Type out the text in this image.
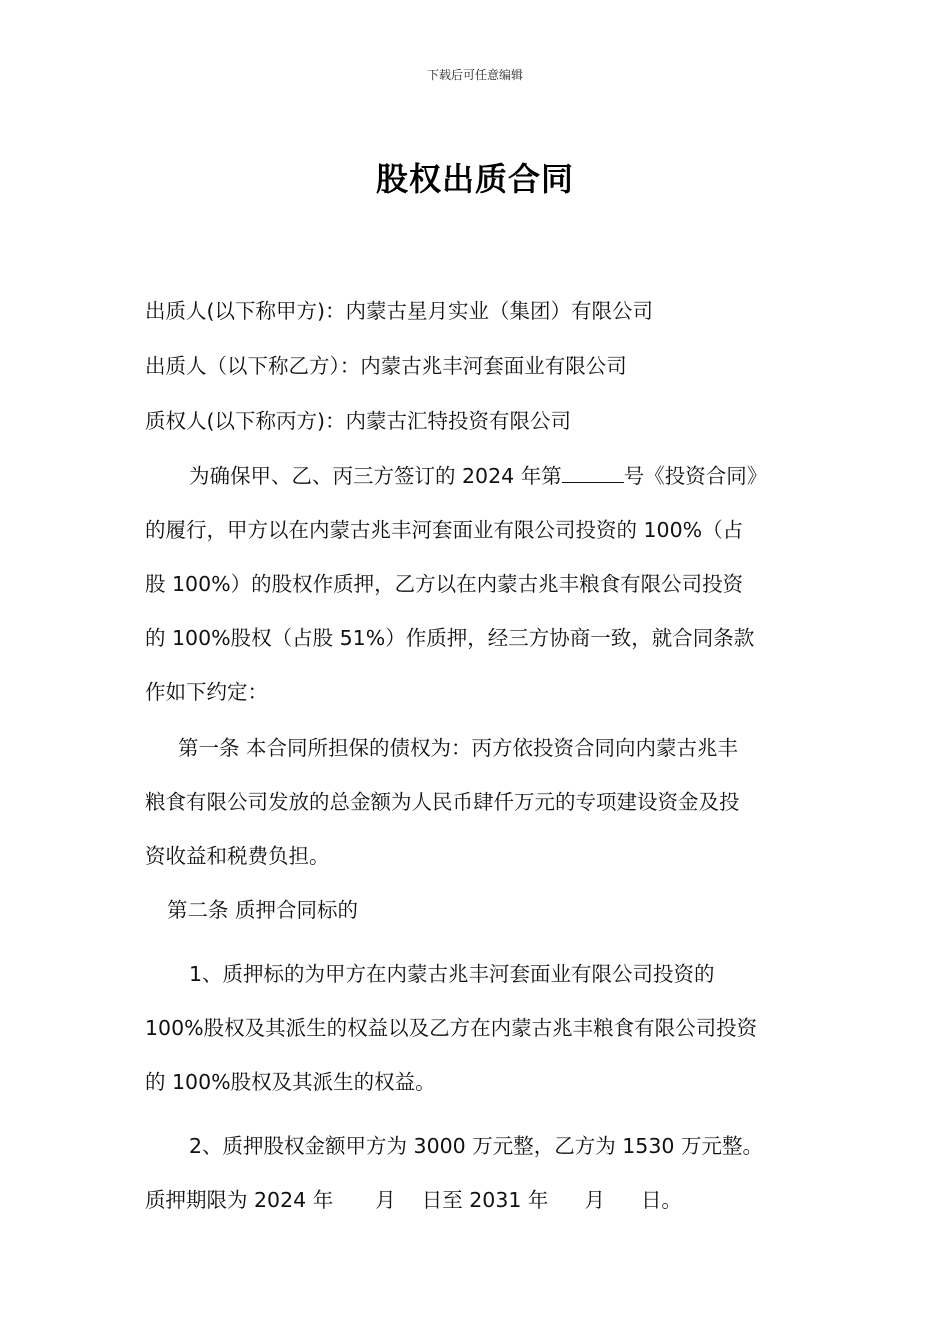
下载后可任意编辑
股权出质合同
出质人(以下称甲方)：内蒙古星月实业（集团）有限公司
出质人（以下称乙方）：内蒙古兆丰河套面业有限公司
质权人(以下称丙方)：内蒙古汇特投资有限公司
为确保甲、乙、丙三方签订的 2024 年第	号《投资合同》
的履行，甲方以在内蒙古兆丰河套面业有限公司投资的 100%（占
股 100%）的股权作质押，乙方以在内蒙古兆丰粮食有限公司投资
的 100%股权（占股 51%）作质押，经三方协商一致，就合同条款
作如下约定：
第一条 本合同所担保的债权为：丙方依投资合同向内蒙古兆丰
粮食有限公司发放的总金额为人民币肆仟万元的专项建设资金及投
资收益和税费负担。
第二条 质押合同标的
1、质押标的为甲方在内蒙古兆丰河套面业有限公司投资的
100%股权及其派生的权益以及乙方在内蒙古兆丰粮食有限公司投资
的 100%股权及其派生的权益。
2、质押股权金额甲方为 3000 万元整，乙方为 1530 万元整。
质押期限为 2024 年 月 日至 2031 年 月 日。
